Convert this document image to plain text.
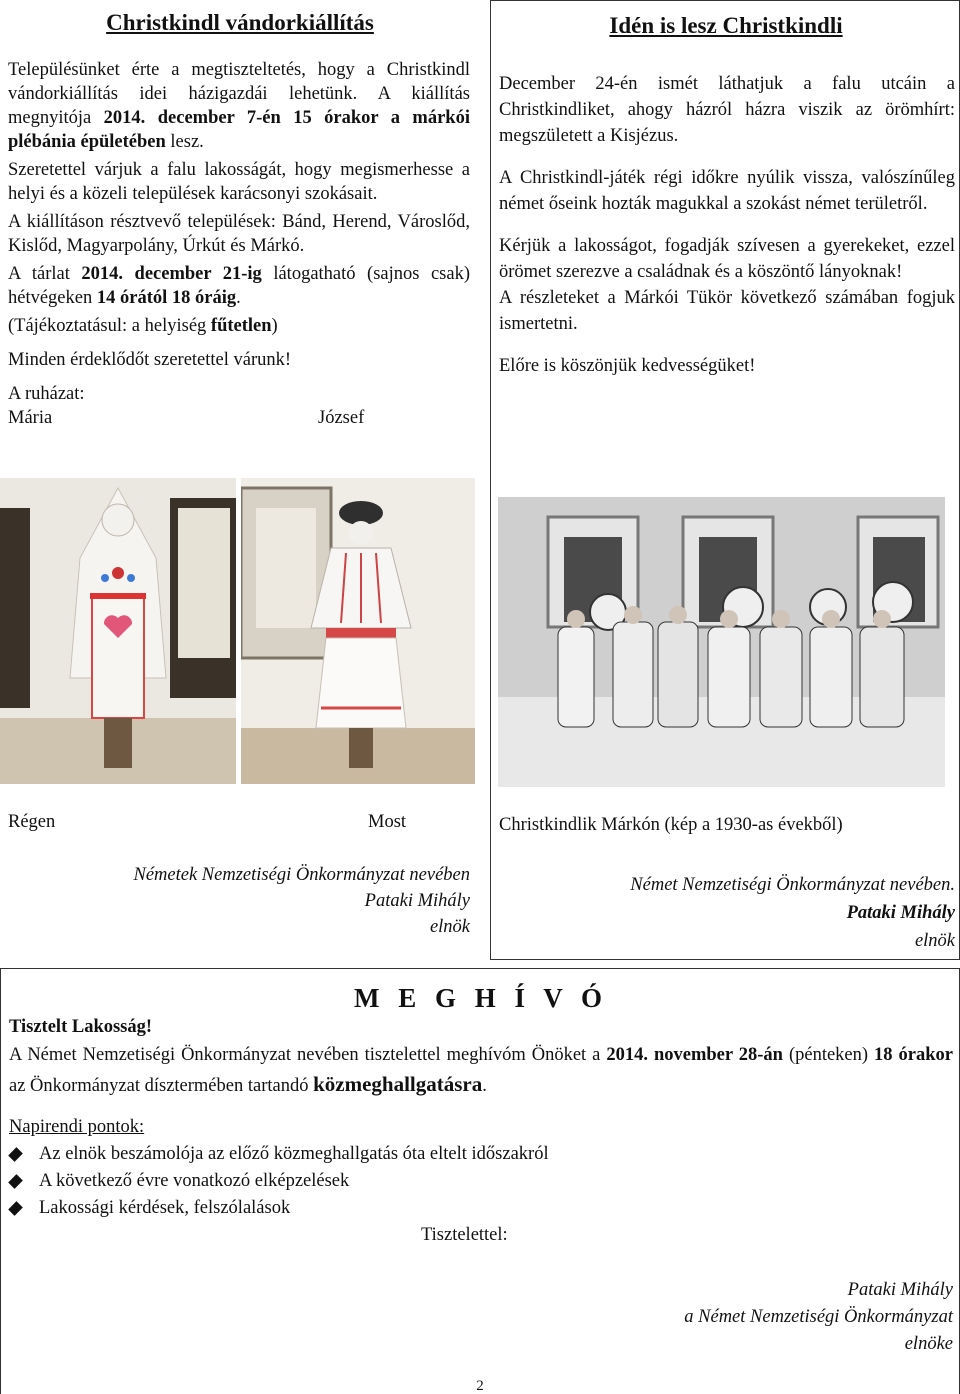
Christkindl vándorkiállítás

Településünket érte a megtiszteltetés, hogy a Christkindl vándorkiállítás idei házigazdái lehetünk. A kiállítás megnyitója 2014. december 7-én 15 órakor a márkói plébánia épületében lesz.

Szeretettel várjuk a falu lakosságát, hogy megismerhesse a helyi és a közeli települések karácsonyi szokásait.

A kiállításon résztvevő települések: Bánd, Herend, Városlőd, Kislőd, Magyarpolány, Úrkút és Márkó.

A tárlat 2014. december 21-ig látogatható (sajnos csak) hétvégeken 14 órától 18 óráig.

(Tájékoztatásul: a helyiség fűtetlen)

Minden érdeklődőt szeretettel várunk!

A ruházat:

Mária	József
Idén is lesz Christkindli

December 24-én ismét láthatjuk a falu utcáin a Christkindliket, ahogy házról házra viszik az örömhírt: megszületett a Kisjézus.

A Christkindl-játék régi időkre nyúlik vissza, valószínűleg német őseink hozták magukkal a szokást német területről.

Kérjük a lakosságot, fogadják szívesen a gyerekeket, ezzel örömet szerezve a családnak és a köszöntő lányoknak!

A részleteket a Márkói Tükör következő számában fogjuk ismertetni.

Előre is köszönjük kedvességüket!

Christkindlik Márkón (kép a 1930-as évekből)

Német Nemzetiségi Önkormányzat nevében.

Pataki Mihály

elnök

Régen	Most

Németek Nemzetiségi Önkormányzat nevében

Pataki Mihály

elnök

M E G H Í V Ó
Tisztelt Lakosság!
A Német Nemzetiségi Önkormányzat nevében tisztelettel meghívóm Önöket a 2014. november 28-án (pénteken) 18 órakor az Önkormányzat dísztermében tartandó közmeghallgatásra.
Napirendi pontok:
Az elnök beszámolója az előző közmeghallgatás óta eltelt időszakról
A következő évre vonatkozó elképzelések
Lakossági kérdések, felszólalások
Tisztelettel:

Pataki Mihály

a Német Nemzetiségi Önkormányzat

elnöke

2
